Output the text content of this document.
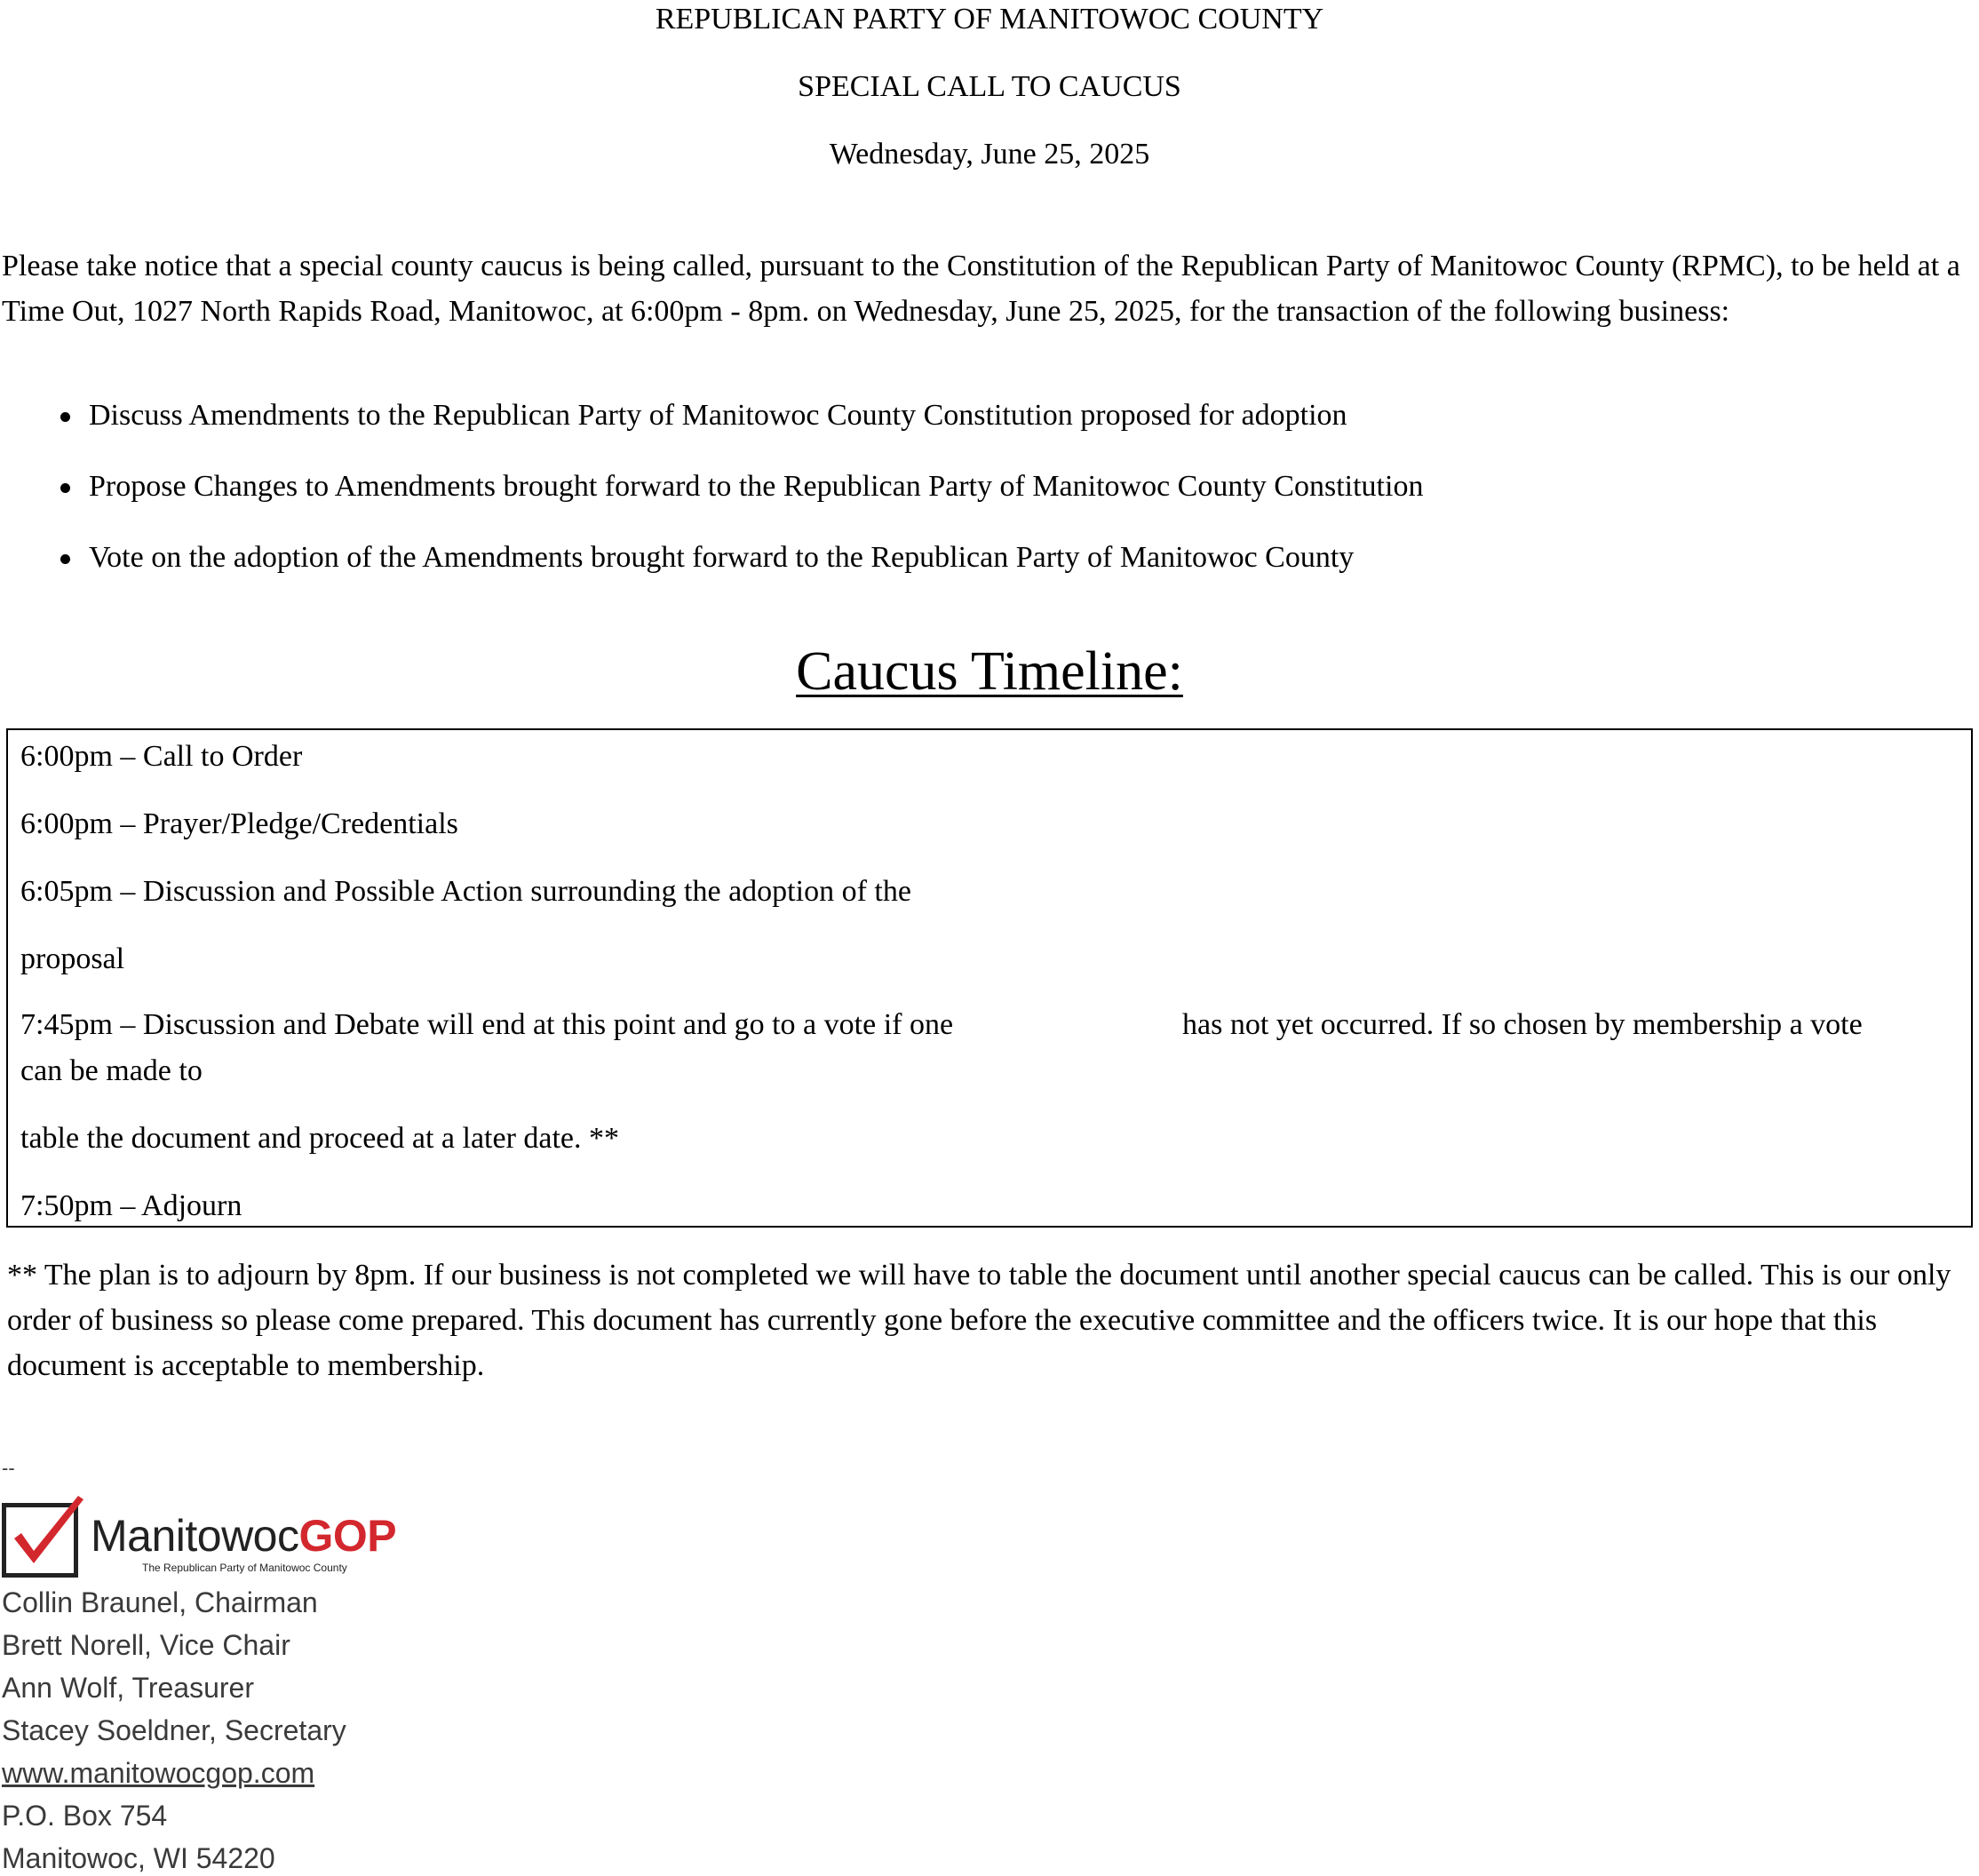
REPUBLICAN PARTY OF MANITOWOC COUNTY
SPECIAL CALL TO CAUCUS
Wednesday, June 25, 2025

Please take notice that a special county caucus is being called, pursuant to the Constitution of the Republican Party of Manitowoc County (RPMC), to be held at a Time Out, 1027 North Rapids Road, Manitowoc, at 6:00pm - 8pm. on Wednesday, June 25, 2025, for the transaction of the following business:

Discuss Amendments to the Republican Party of Manitowoc County Constitution proposed for adoption
Propose Changes to Amendments brought forward to the Republican Party of Manitowoc County Constitution
Vote on the adoption of the Amendments brought forward to the Republican Party of Manitowoc County
Caucus Timeline:
6:00pm – Call to Order
6:00pm – Prayer/Pledge/Credentials
6:05pm – Discussion and Possible Action surrounding the adoption of the
proposal
7:45pm – Discussion and Debate will end at this point and go to a vote if one	has not yet occurred. If so chosen by membership a vote
can be made to
table the document and proceed at a later date. **
7:50pm – Adjourn

** The plan is to adjourn by 8pm. If our business is not completed we will have to table the document until another special caucus can be called. This is our only order of business so please come prepared. This document has currently gone before the executive committee and the officers twice. It is our hope that this document is acceptable to membership.

--
ManitowocGOP
The Republican Party of Manitowoc County
Collin Braunel, Chairman
Brett Norell, Vice Chair
Ann Wolf, Treasurer
Stacey Soeldner, Secretary
www.manitowocgop.com
P.O. Box 754
Manitowoc, WI 54220
